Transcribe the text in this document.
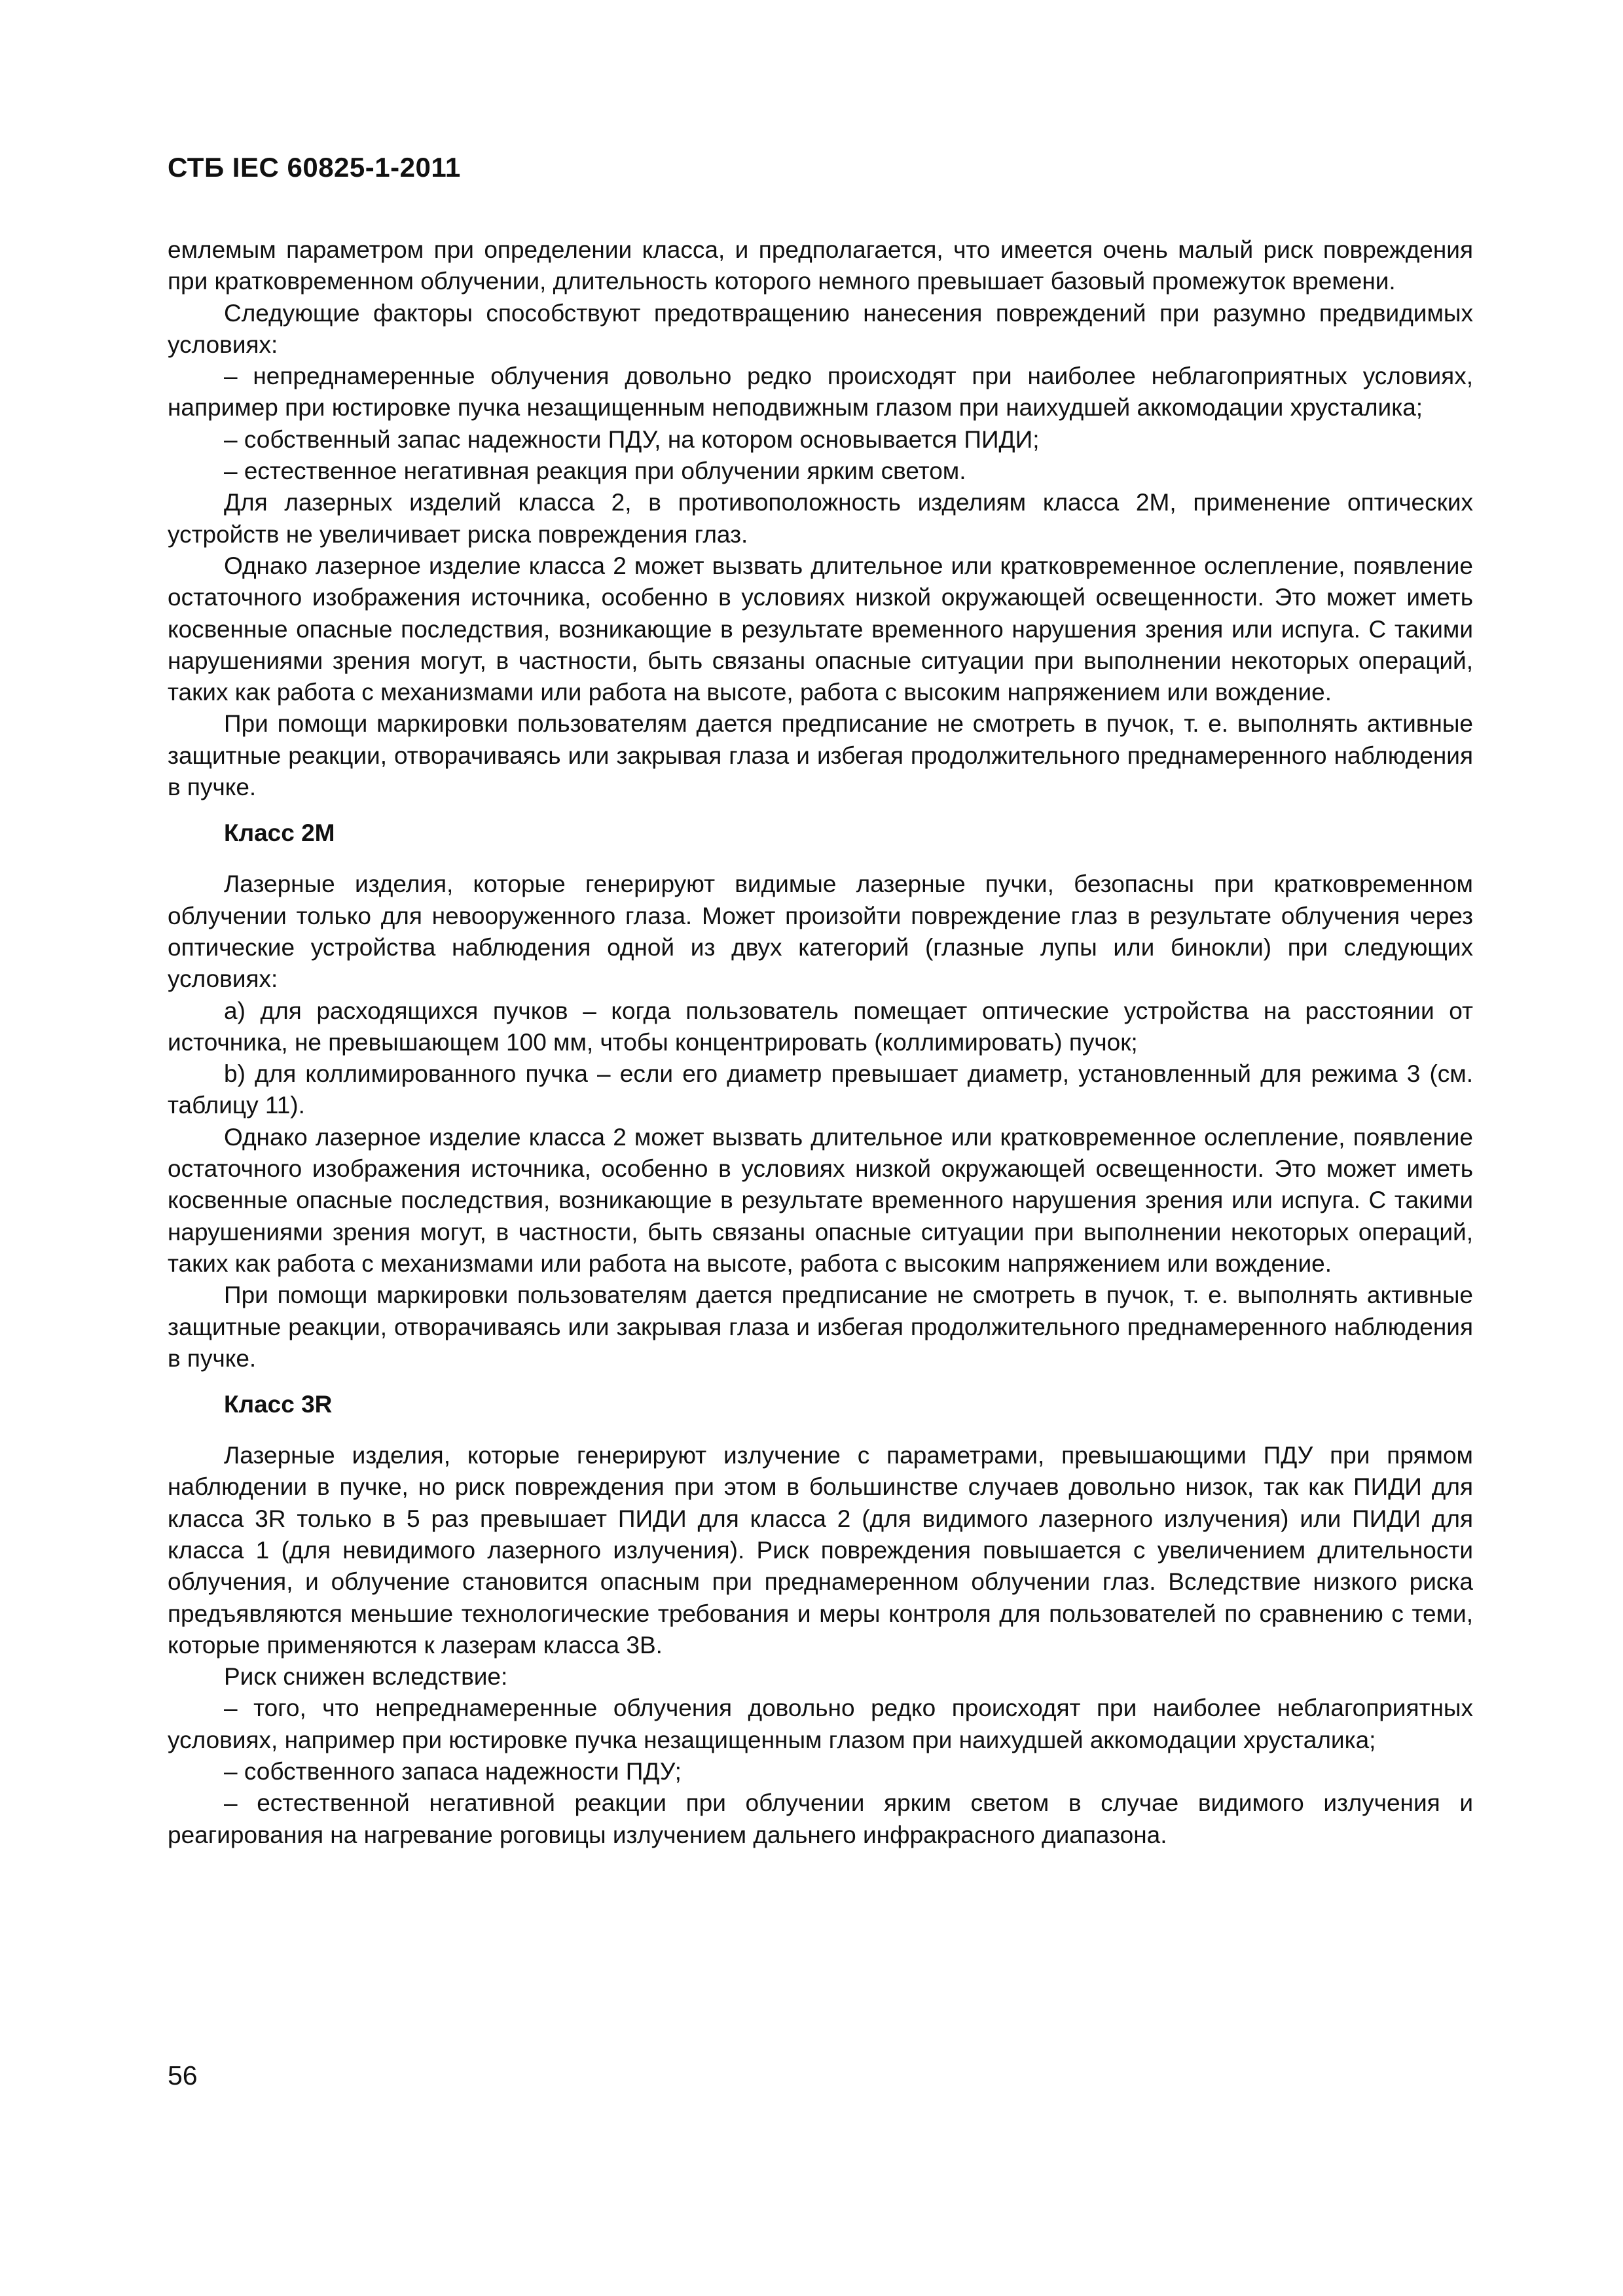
СТБ IEC 60825-1-2011

емлемым параметром при определении класса, и предполагается, что имеется очень малый риск повреждения при кратковременном облучении, длительность которого немного превышает базовый промежуток времени.

Следующие факторы способствуют предотвращению нанесения повреждений при разумно предвидимых условиях:

– непреднамеренные облучения довольно редко происходят при наиболее неблагоприятных условиях, например при юстировке пучка незащищенным неподвижным глазом при наихудшей аккомодации хрусталика;

– собственный запас надежности ПДУ, на котором основывается ПИДИ;

– естественное негативная реакция при облучении ярким светом.

Для лазерных изделий класса 2, в противоположность изделиям класса 2М, применение оптических устройств не увеличивает риска повреждения глаз.

Однако лазерное изделие класса 2 может вызвать длительное или кратковременное ослепление, появление остаточного изображения источника, особенно в условиях низкой окружающей освещенности. Это может иметь косвенные опасные последствия, возникающие в результате временного нарушения зрения или испуга. С такими нарушениями зрения могут, в частности, быть связаны опасные ситуации при выполнении некоторых операций, таких как работа с механизмами или работа на высоте, работа с высоким напряжением или вождение.

При помощи маркировки пользователям дается предписание не смотреть в пучок, т. е. выполнять активные защитные реакции, отворачиваясь или закрывая глаза и избегая продолжительного преднамеренного наблюдения в пучке.

Класс 2М

Лазерные изделия, которые генерируют видимые лазерные пучки, безопасны при кратковременном облучении только для невооруженного глаза. Может произойти повреждение глаз в результате облучения через оптические устройства наблюдения одной из двух категорий (глазные лупы или бинокли) при следующих условиях:

a) для расходящихся пучков – когда пользователь помещает оптические устройства на расстоянии от источника, не превышающем 100 мм, чтобы концентрировать (коллимировать) пучок;

b) для коллимированного пучка – если его диаметр превышает диаметр, установленный для режима 3 (см. таблицу 11).

Однако лазерное изделие класса 2 может вызвать длительное или кратковременное ослепление, появление остаточного изображения источника, особенно в условиях низкой окружающей освещенности. Это может иметь косвенные опасные последствия, возникающие в результате временного нарушения зрения или испуга. С такими нарушениями зрения могут, в частности, быть связаны опасные ситуации при выполнении некоторых операций, таких как работа с механизмами или работа на высоте, работа с высоким напряжением или вождение.

При помощи маркировки пользователям дается предписание не смотреть в пучок, т. е. выполнять активные защитные реакции, отворачиваясь или закрывая глаза и избегая продолжительного преднамеренного наблюдения в пучке.

Класс 3R

Лазерные изделия, которые генерируют излучение с параметрами, превышающими ПДУ при прямом наблюдении в пучке, но риск повреждения при этом в большинстве случаев довольно низок, так как ПИДИ для класса 3R только в 5 раз превышает ПИДИ для класса 2 (для видимого лазерного излучения) или ПИДИ для класса 1 (для невидимого лазерного излучения). Риск повреждения повышается с увеличением длительности облучения, и облучение становится опасным при преднамеренном облучении глаз. Вследствие низкого риска предъявляются меньшие технологические требования и меры контроля для пользователей по сравнению с теми, которые применяются к лазерам класса 3B.

Риск снижен вследствие:

– того, что непреднамеренные облучения довольно редко происходят при наиболее неблагоприятных условиях, например при юстировке пучка незащищенным глазом при наихудшей аккомодации хрусталика;

– собственного запаса надежности ПДУ;

– естественной негативной реакции при облучении ярким светом в случае видимого излучения и реагирования на нагревание роговицы излучением дальнего инфракрасного диапазона.

56
